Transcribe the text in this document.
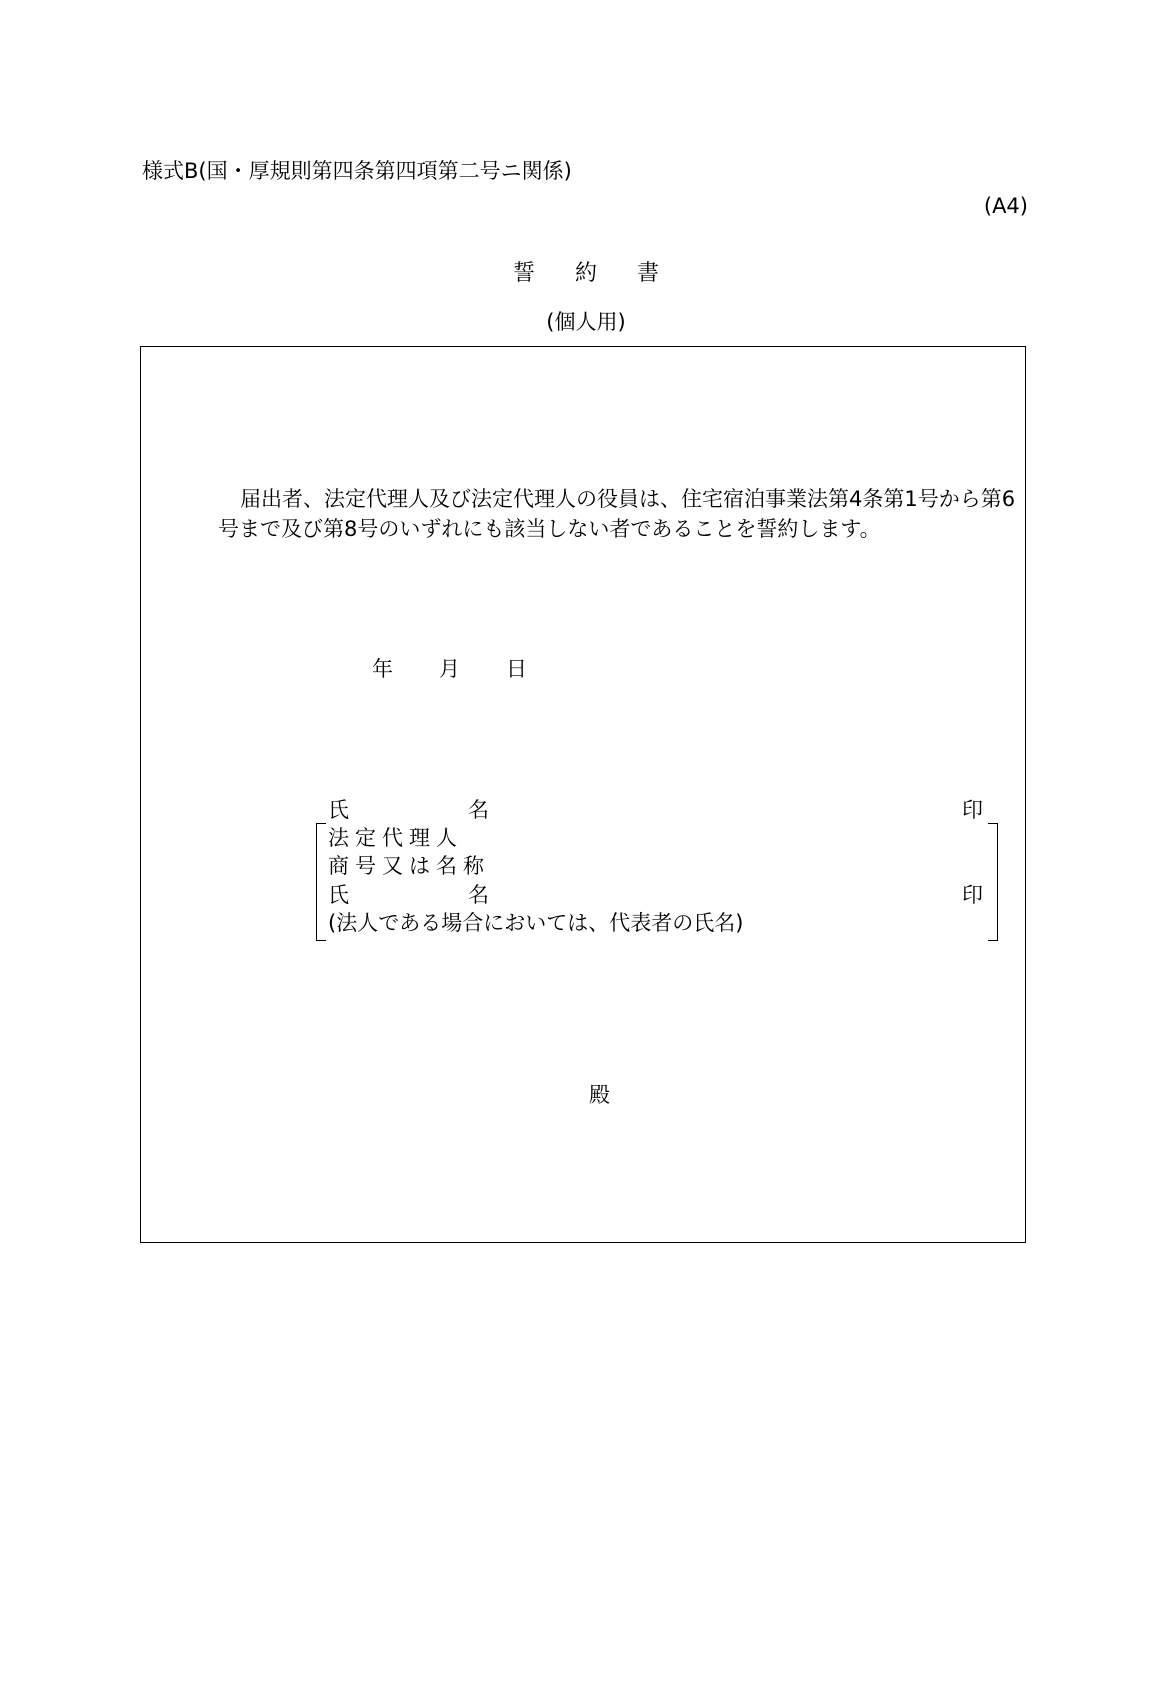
様式B(国・厚規則第四条第四項第二号ニ関係)
(A4)
誓約書
(個人用)
届出者、法定代理人及び法定代理人の役員は、住宅宿泊事業法第4条第1号から第6号まで及び第8号のいずれにも該当しない者であることを誓約します。
年 月 日
氏	名	印
法定代理人
商号又は名称
氏	名	印
(法人である場合においては、代表者の氏名)
殿
